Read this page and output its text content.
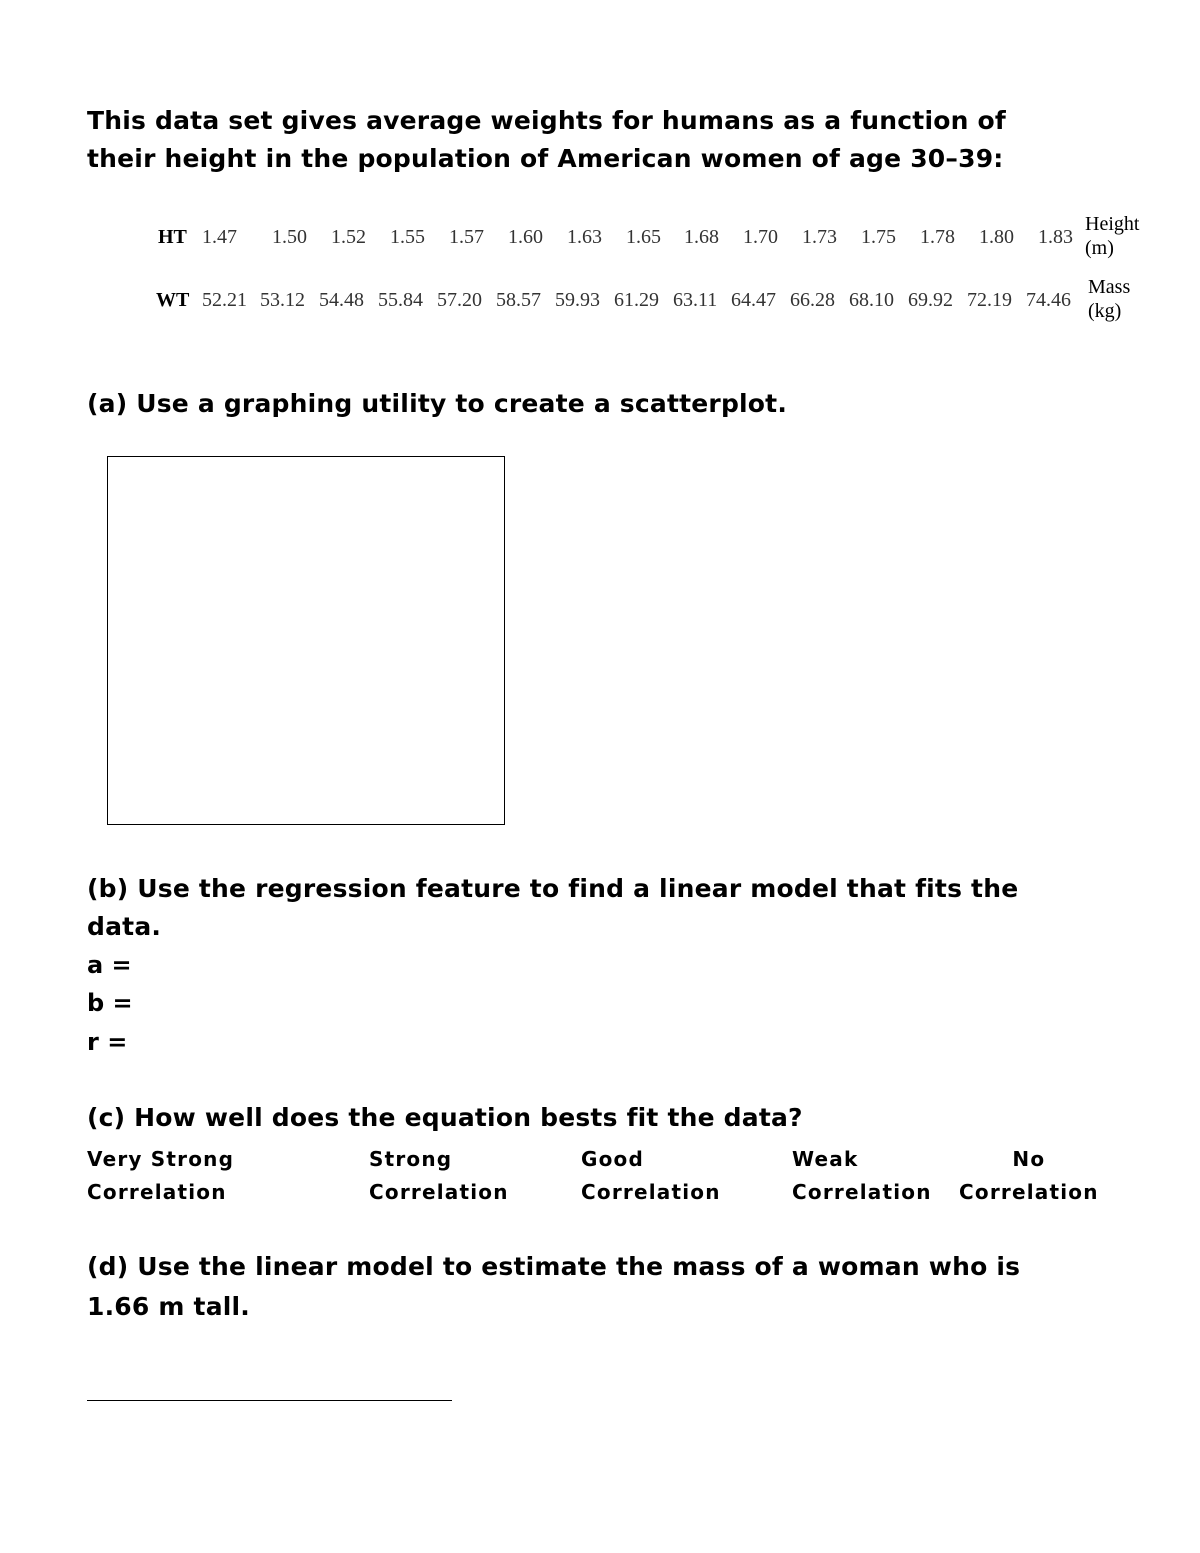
This data set gives average weights for humans as a function of
their height in the population of American women of age 30–39:
HT 1.47 1.50 1.52 1.55 1.57 1.60 1.63 1.65 1.68 1.70 1.73 1.75 1.78 1.80 1.83
Height
(m)
WT 52.21 53.12 54.48 55.84 57.20 58.57 59.93 61.29 63.11 64.47 66.28 68.10 69.92 72.19 74.46
Mass
(kg)
(a) Use a graphing utility to create a scatterplot.
(b) Use the regression feature to find a linear model that fits the
data.
a =
b =
r =
(c) How well does the equation bests fit the data?
Very Strong
Correlation
Strong
Correlation
Good
Correlation
Weak
Correlation
No
Correlation
(d) Use the linear model to estimate the mass of a woman who is
1.66 m tall.
